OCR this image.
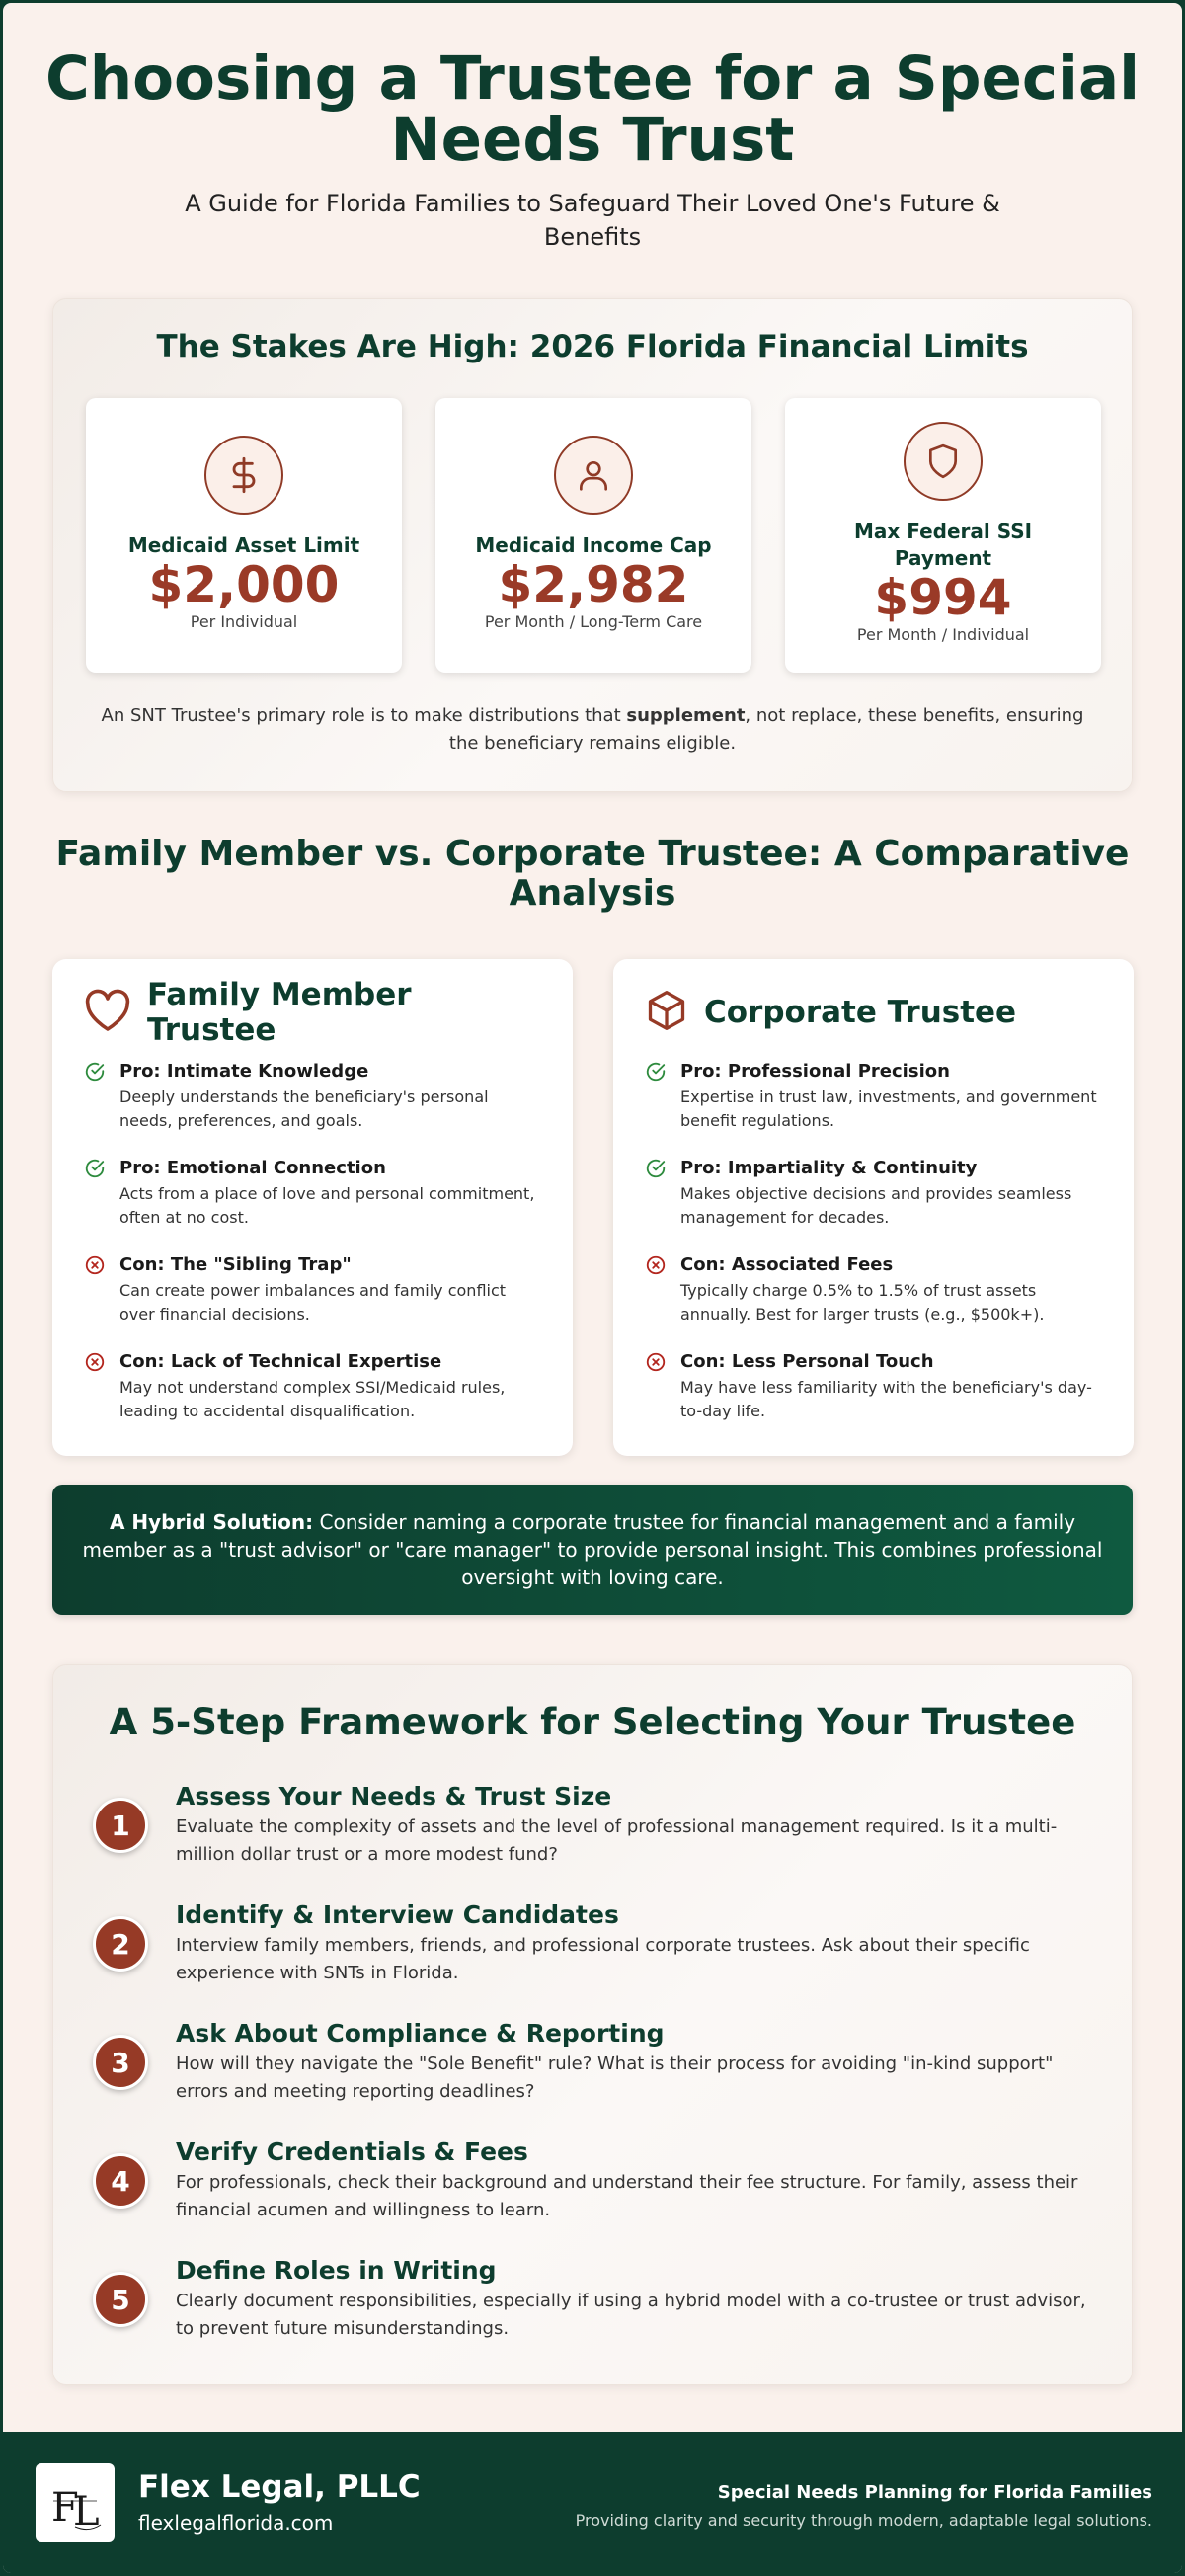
Choosing a Trustee for a Special Needs Trust

A Guide for Florida Families to Safeguard Their Loved One's Future & Benefits

The Stakes Are High: 2026 Florida Financial Limits
Medicaid Asset Limit
$2,000
Per Individual
Medicaid Income Cap
$2,982
Per Month / Long-Term Care
Max Federal SSI Payment
$994
Per Month / Individual

An SNT Trustee's primary role is to make distributions that supplement, not replace, these benefits, ensuring the beneficiary remains eligible.

Family Member vs. Corporate Trustee: A Comparative Analysis
Family Member Trustee
Pro: Intimate Knowledge
Deeply understands the beneficiary's personal needs, preferences, and goals.
Pro: Emotional Connection
Acts from a place of love and personal commitment, often at no cost.
Con: The "Sibling Trap"
Can create power imbalances and family conflict over financial decisions.
Con: Lack of Technical Expertise
May not understand complex SSI/Medicaid rules, leading to accidental disqualification.
Corporate Trustee
Pro: Professional Precision
Expertise in trust law, investments, and government benefit regulations.
Pro: Impartiality & Continuity
Makes objective decisions and provides seamless management for decades.
Con: Associated Fees
Typically charge 0.5% to 1.5% of trust assets annually. Best for larger trusts (e.g., $500k+).
Con: Less Personal Touch
May have less familiarity with the beneficiary's day-to-day life.
A Hybrid Solution: Consider naming a corporate trustee for financial management and a family member as a "trust advisor" or "care manager" to provide personal insight. This combines professional oversight with loving care.
A 5-Step Framework for Selecting Your Trustee
1
Assess Your Needs & Trust Size
Evaluate the complexity of assets and the level of professional management required. Is it a multi-million dollar trust or a more modest fund?
2
Identify & Interview Candidates
Interview family members, friends, and professional corporate trustees. Ask about their specific experience with SNTs in Florida.
3
Ask About Compliance & Reporting
How will they navigate the "Sole Benefit" rule? What is their process for avoiding "in-kind support" errors and meeting reporting deadlines?
4
Verify Credentials & Fees
For professionals, check their background and understand their fee structure. For family, assess their financial acumen and willingness to learn.
5
Define Roles in Writing
Clearly document responsibilities, especially if using a hybrid model with a co-trustee or trust advisor, to prevent future misunderstandings.
F
L
Flex Legal, PLLC
flexlegalflorida.com
Special Needs Planning for Florida Families
Providing clarity and security through modern, adaptable legal solutions.
